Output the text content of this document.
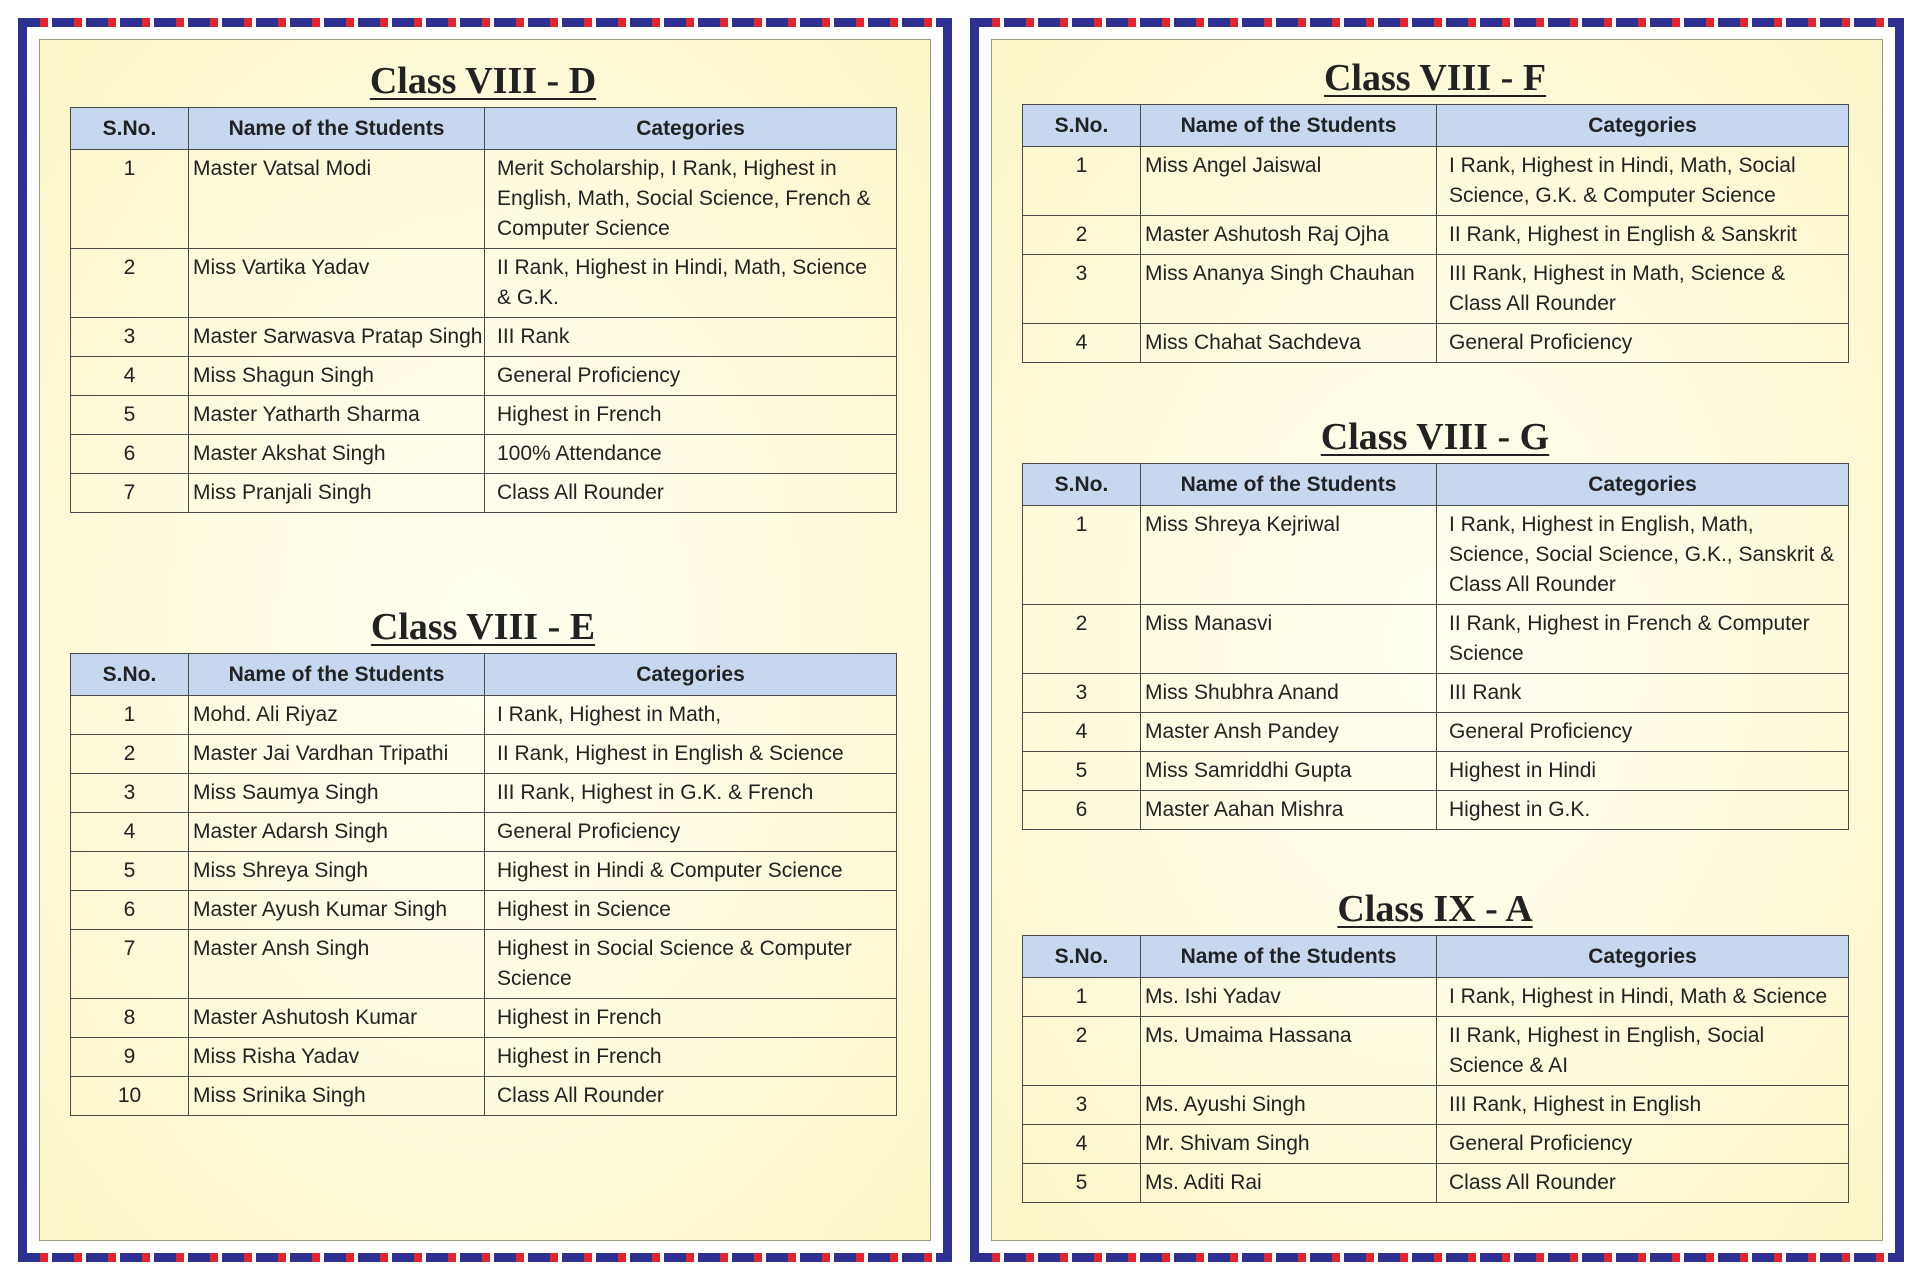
Class VIII - D
S.No.	Name of the Students	Categories
1	Master Vatsal Modi	Merit Scholarship, I Rank, Highest in English, Math, Social Science, French & Computer Science
2	Miss Vartika Yadav	II Rank, Highest in Hindi, Math, Science & G.K.
3	Master Sarwasva Pratap Singh	III Rank
4	Miss Shagun Singh	General Proficiency
5	Master Yatharth Sharma	Highest in French
6	Master Akshat Singh	100% Attendance
7	Miss Pranjali Singh	Class All Rounder
Class VIII - E
S.No.	Name of the Students	Categories
1	Mohd. Ali Riyaz	I Rank, Highest in Math,
2	Master Jai Vardhan Tripathi	II Rank, Highest in English & Science
3	Miss Saumya Singh	III Rank, Highest in G.K. & French
4	Master Adarsh Singh	General Proficiency
5	Miss Shreya Singh	Highest in Hindi & Computer Science
6	Master Ayush Kumar Singh	Highest in Science
7	Master Ansh Singh	Highest in Social Science & Computer Science
8	Master Ashutosh Kumar	Highest in French
9	Miss Risha Yadav	Highest in French
10	Miss Srinika Singh	Class All Rounder
Class VIII - F
S.No.	Name of the Students	Categories
1	Miss Angel Jaiswal	I Rank, Highest in Hindi, Math, Social Science, G.K. & Computer Science
2	Master Ashutosh Raj Ojha	II Rank, Highest in English & Sanskrit
3	Miss Ananya Singh Chauhan	III Rank, Highest in Math, Science & Class All Rounder
4	Miss Chahat Sachdeva	General Proficiency
Class VIII - G
S.No.	Name of the Students	Categories
1	Miss Shreya Kejriwal	I Rank, Highest in English, Math, Science, Social Science, G.K., Sanskrit & Class All Rounder
2	Miss Manasvi	II Rank, Highest in French & Computer Science
3	Miss Shubhra Anand	III Rank
4	Master Ansh Pandey	General Proficiency
5	Miss Samriddhi Gupta	Highest in Hindi
6	Master Aahan Mishra	Highest in G.K.
Class IX - A
S.No.	Name of the Students	Categories
1	Ms. Ishi Yadav	I Rank, Highest in Hindi, Math & Science
2	Ms. Umaima Hassana	II Rank, Highest in English, Social Science & AI
3	Ms. Ayushi Singh	III Rank, Highest in English
4	Mr. Shivam Singh	General Proficiency
5	Ms. Aditi Rai	Class All Rounder
